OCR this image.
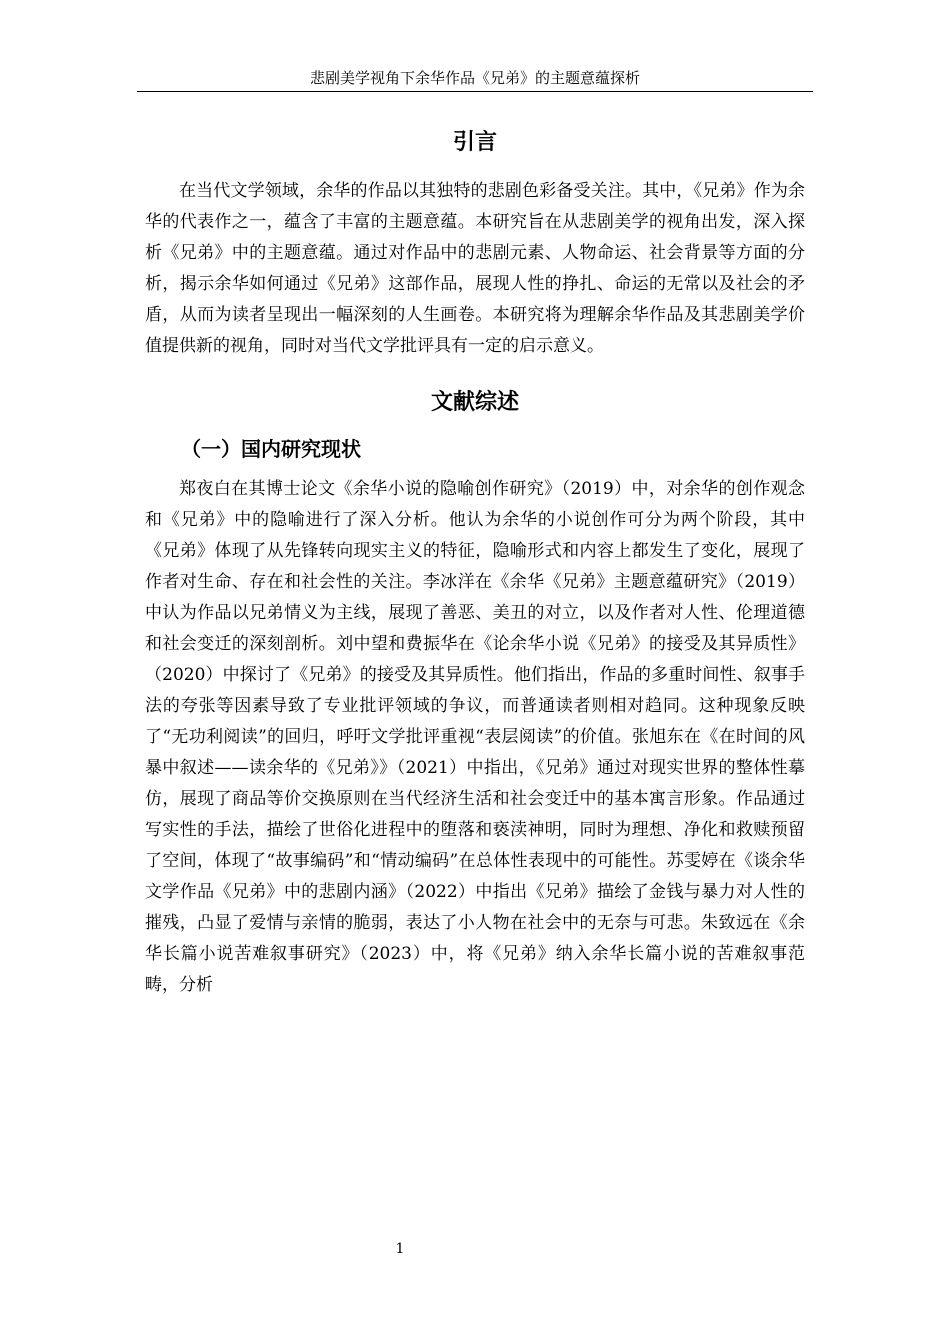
悲剧美学视角下余华作品《兄弟》的主题意蕴探析
引言

在当代文学领域，余华的作品以其独特的悲剧色彩备受关注。其中，《兄弟》作为余华的代表作之一，蕴含了丰富的主题意蕴。本研究旨在从悲剧美学的视角出发，深入探析《兄弟》中的主题意蕴。通过对作品中的悲剧元素、人物命运、社会背景等方面的分析，揭示余华如何通过《兄弟》这部作品，展现人性的挣扎、命运的无常以及社会的矛盾，从而为读者呈现出一幅深刻的人生画卷。本研究将为理解余华作品及其悲剧美学价值提供新的视角，同时对当代文学批评具有一定的启示意义。

文献综述
（一）国内研究现状

郑夜白在其博士论文《余华小说的隐喻创作研究》（2019）中，对余华的创作观念和《兄弟》中的隐喻进行了深入分析。他认为余华的小说创作可分为两个阶段，其中《兄弟》体现了从先锋转向现实主义的特征，隐喻形式和内容上都发生了变化，展现了作者对生命、存在和社会性的关注。李冰洋在《余华《兄弟》主题意蕴研究》（2019）中认为作品以兄弟情义为主线，展现了善恶、美丑的对立，以及作者对人性、伦理道德和社会变迁的深刻剖析。刘中望和费振华在《论余华小说《兄弟》的接受及其异质性》（2020）中探讨了《兄弟》的接受及其异质性。他们指出，作品的多重时间性、叙事手法的夸张等因素导致了专业批评领域的争议，而普通读者则相对趋同。这种现象反映了“无功利阅读”的回归，呼吁文学批评重视“表层阅读”的价值。张旭东在《在时间的风暴中叙述——读余华的《兄弟》》（2021）中指出，《兄弟》通过对现实世界的整体性摹仿，展现了商品等价交换原则在当代经济生活和社会变迁中的基本寓言形象。作品通过写实性的手法，描绘了世俗化进程中的堕落和亵渎神明，同时为理想、净化和救赎预留了空间，体现了“故事编码”和“情动编码”在总体性表现中的可能性。苏雯婷在《谈余华文学作品《兄弟》中的悲剧内涵》（2022）中指出《兄弟》描绘了金钱与暴力对人性的摧残，凸显了爱情与亲情的脆弱，表达了小人物在社会中的无奈与可悲。朱致远在《余华长篇小说苦难叙事研究》（2023）中，将《兄弟》纳入余华长篇小说的苦难叙事范畴，分析

1
